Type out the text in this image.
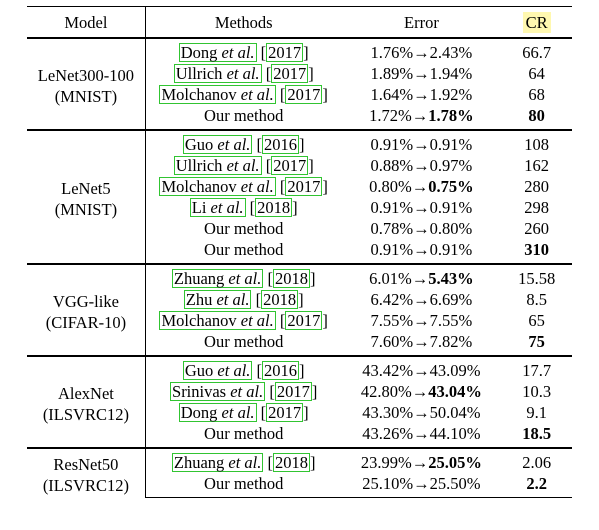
Model	Methods	Error	CR

LeNet300-100
(MNIST)	Dong et al. [ 2017 ]	1.76%→2.43%	66.7
	Ullrich et al. [ 2017 ]	1.89%→1.94%	64
	Molchanov et al. [ 2017 ]	1.64%→1.92%	68
	Our method	1.72%→1.78%	80

LeNet5
(MNIST)	Guo et al. [ 2016 ]	0.91%→0.91%	108
	Ullrich et al. [ 2017 ]	0.88%→0.97%	162
	Molchanov et al. [ 2017 ]	0.80%→0.75%	280
	Li et al. [ 2018 ]	0.91%→0.91%	298
	Our method	0.78%→0.80%	260
	Our method	0.91%→0.91%	310

VGG-like
(CIFAR-10)	Zhuang et al. [ 2018 ]	6.01%→5.43%	15.58
	Zhu et al. [ 2018 ]	6.42%→6.69%	8.5
	Molchanov et al. [ 2017 ]	7.55%→7.55%	65
	Our method	7.60%→7.82%	75

AlexNet
(ILSVRC12)	Guo et al. [ 2016 ]	43.42%→43.09%	17.7
	Srinivas et al. [ 2017 ]	42.80%→43.04%	10.3
	Dong et al. [ 2017 ]	43.30%→50.04%	9.1
	Our method	43.26%→44.10%	18.5

ResNet50
(ILSVRC12)	Zhuang et al. [ 2018 ]	23.99%→25.05%	2.06
	Our method	25.10%→25.50%	2.2
